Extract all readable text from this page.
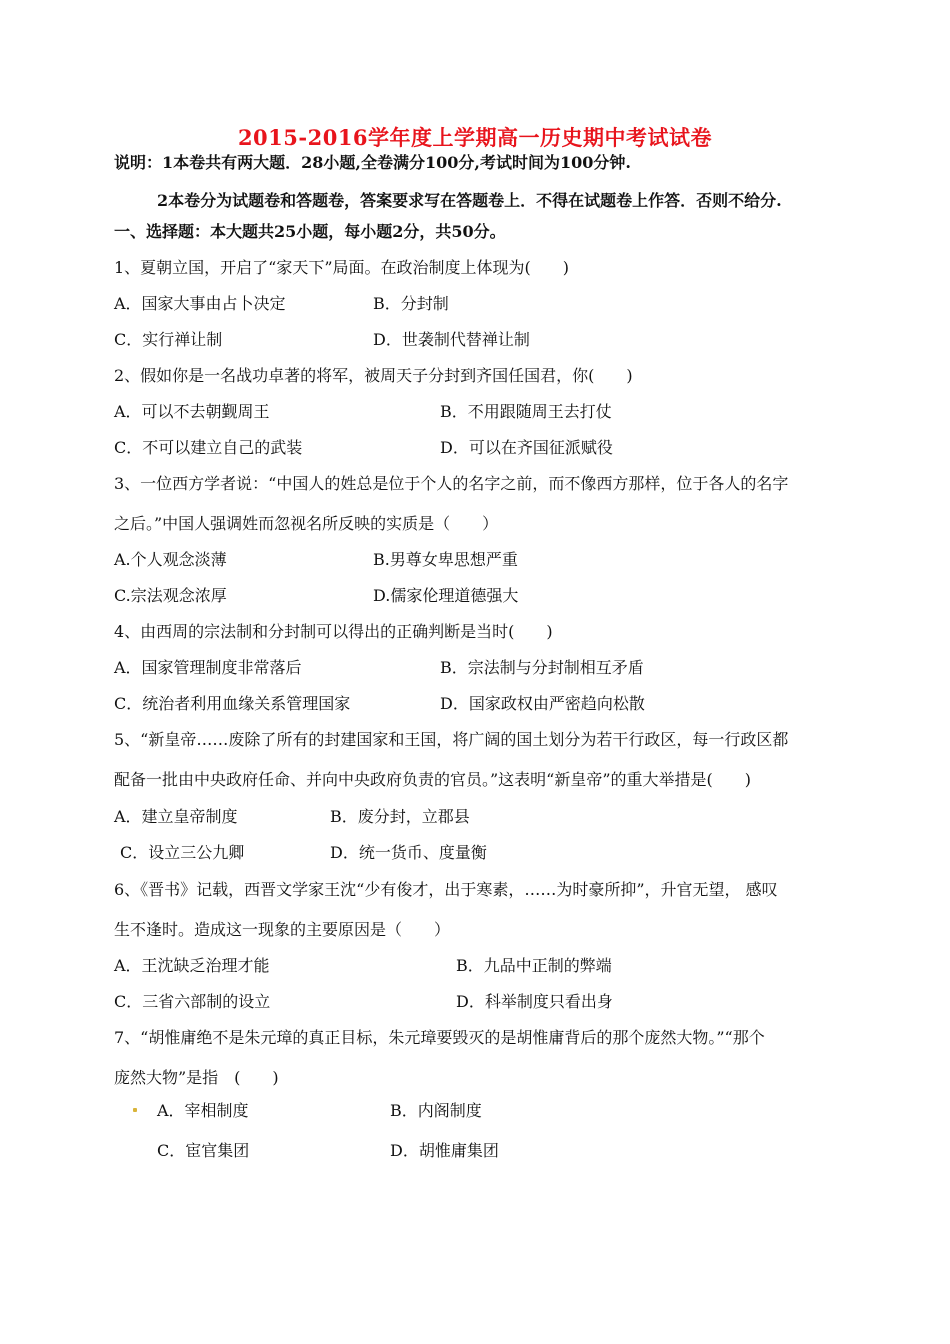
2015-2016学年度上学期高一历史期中考试试卷
说明：1本卷共有两大题．28小题,全卷满分100分,考试时间为100分钟.
2本卷分为试题卷和答题卷，答案要求写在答题卷上．不得在试题卷上作答．否则不给分.
一、选择题：本大题共25小题，每小题2分，共50分。
1、夏朝立国，开启了“家天下”局面。在政治制度上体现为(　　)
A．国家大事由占卜决定	B．分封制
C．实行禅让制	D．世袭制代替禅让制
2、假如你是一名战功卓著的将军，被周天子分封到齐国任国君，你(　　)
A．可以不去朝觐周王	B．不用跟随周王去打仗
C．不可以建立自己的武装	D．可以在齐国征派赋役
3、一位西方学者说：“中国人的姓总是位于个人的名字之前，而不像西方那样，位于各人的名字
之后。”中国人强调姓而忽视名所反映的实质是（　　）
A.个人观念淡薄	B.男尊女卑思想严重
C.宗法观念浓厚	D.儒家伦理道德强大
4、由西周的宗法制和分封制可以得出的正确判断是当时(　　)
A．国家管理制度非常落后	B．宗法制与分封制相互矛盾
C．统治者利用血缘关系管理国家	D．国家政权由严密趋向松散
5、“新皇帝……废除了所有的封建国家和王国，将广阔的国土划分为若干行政区，每一行政区都
配备一批由中央政府任命、并向中央政府负责的官员。”这表明“新皇帝”的重大举措是(　　)
A．建立皇帝制度	B．废分封，立郡县
C．设立三公九卿	D．统一货币、度量衡
6、《晋书》记载，西晋文学家王沈“少有俊才，出于寒素，……为时豪所抑”，升官无望， 感叹
生不逢时。造成这一现象的主要原因是（　　）
A．王沈缺乏治理才能	B．九品中正制的弊端
C．三省六部制的设立	D．科举制度只看出身
7、“胡惟庸绝不是朱元璋的真正目标，朱元璋要毁灭的是胡惟庸背后的那个庞然大物。”“那个
庞然大物”是指　(　　)
A．宰相制度	B．内阁制度
C．宦官集团	D．胡惟庸集团
